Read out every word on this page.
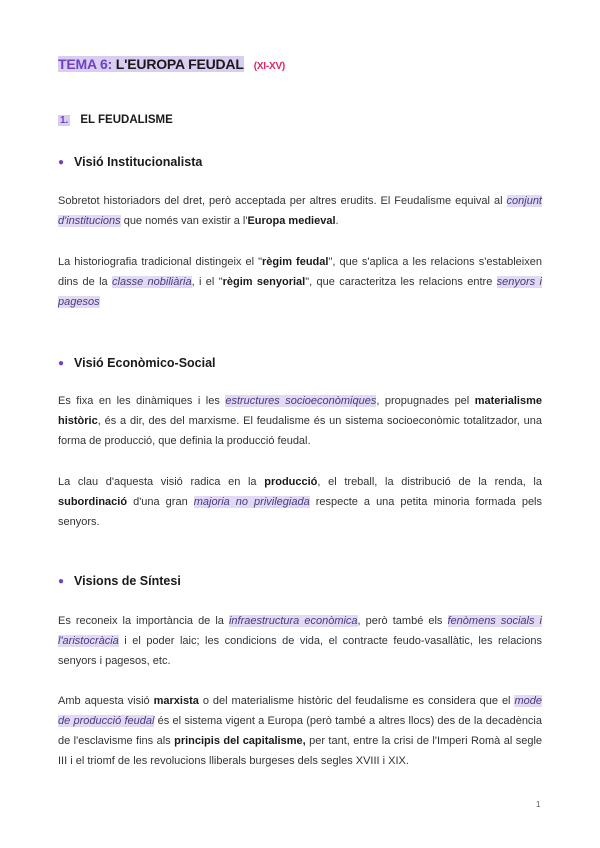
TEMA 6: L'EUROPA FEUDAL (XI-XV)
1. EL FEUDALISME
● Visió Institucionalista
Sobretot historiadors del dret, però acceptada per altres erudits. El Feudalisme equival al conjunt d'institucions que només van existir a l'Europa medieval.
La historiografia tradicional distingeix el "règim feudal", que s'aplica a les relacions s'estableixen dins de la classe nobiliària, i el "règim senyorial", que caracteritza les relacions entre senyors i pagesos
● Visió Econòmico-Social
Es fixa en les dinàmiques i les estructures socioeconòmiques, propugnades pel materialisme històric, és a dir, des del marxisme. El feudalisme és un sistema socioeconòmic totalitzador, una forma de producció, que definia la producció feudal.
La clau d'aquesta visió radica en la producció, el treball, la distribució de la renda, la subordinació d'una gran majoria no privilegiada respecte a una petita minoria formada pels senyors.
● Visions de Síntesi
Es reconeix la importància de la infraestructura econòmica, però també els fenòmens socials i l'aristocràcia i el poder laic; les condicions de vida, el contracte feudo-vasallàtic, les relacions senyors i pagesos, etc.
Amb aquesta visió marxista o del materialisme històric del feudalisme es considera que el mode de producció feudal és el sistema vigent a Europa (però també a altres llocs) des de la decadència de l'esclavisme fins als principis del capitalisme, per tant, entre la crisi de l'Imperi Romà al segle III i el triomf de les revolucions lliberals burgeses dels segles XVIII i XIX.
1
